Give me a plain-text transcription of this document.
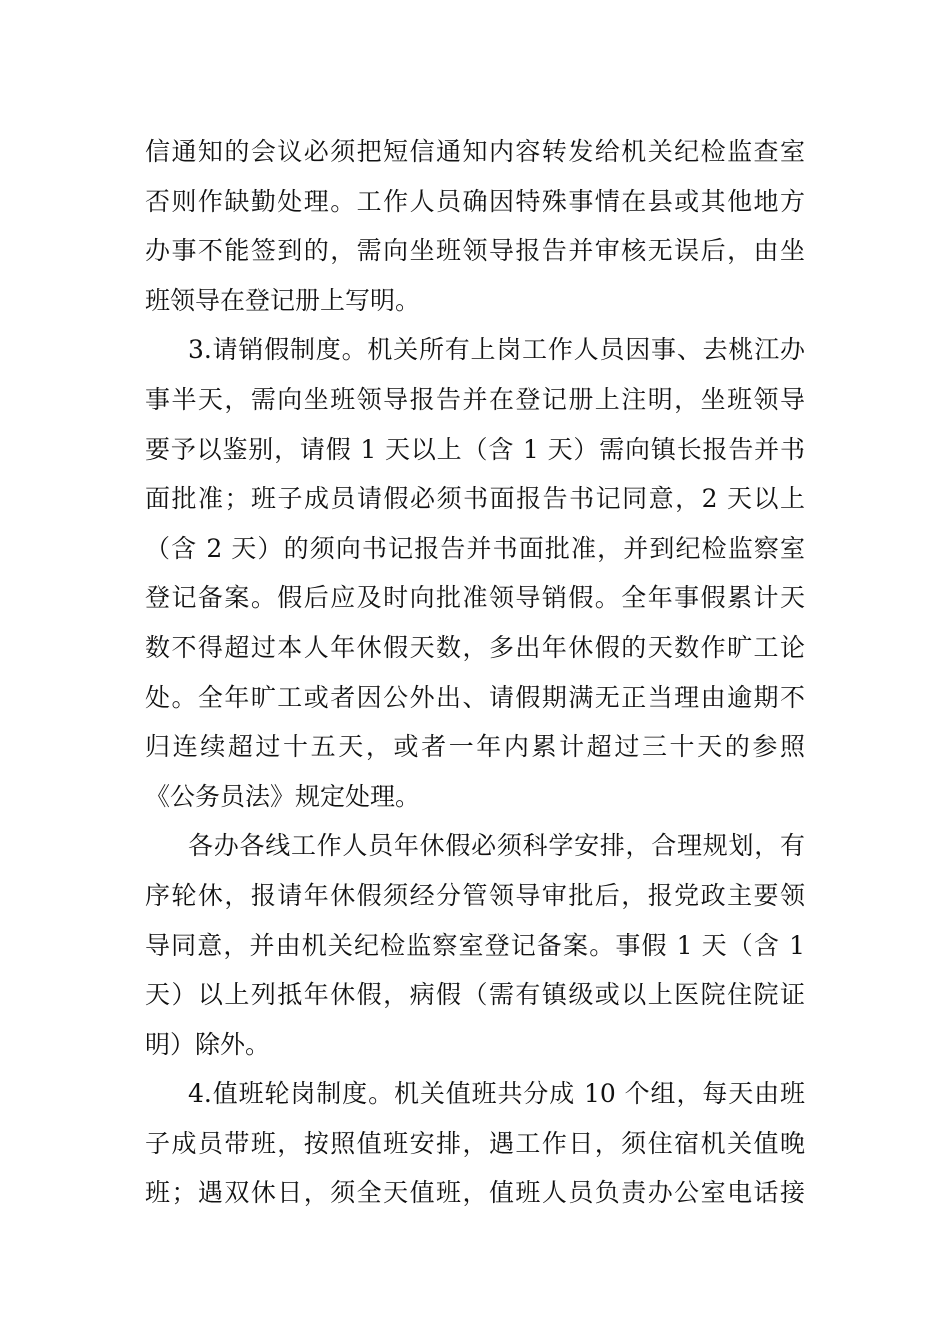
信通知的会议必须把短信通知内容转发给机关纪检监查室
否则作缺勤处理。工作人员确因特殊事情在县或其他地方
办事不能签到的，需向坐班领导报告并审核无误后，由坐
班领导在登记册上写明。
3.请销假制度。机关所有上岗工作人员因事、去桃江办
事半天，需向坐班领导报告并在登记册上注明，坐班领导
要予以鉴别，请假 1 天以上（含 1 天）需向镇长报告并书
面批准；班子成员请假必须书面报告书记同意，2 天以上
（含 2 天）的须向书记报告并书面批准，并到纪检监察室
登记备案。假后应及时向批准领导销假。全年事假累计天
数不得超过本人年休假天数，多出年休假的天数作旷工论
处。全年旷工或者因公外出、请假期满无正当理由逾期不
归连续超过十五天，或者一年内累计超过三十天的参照
《公务员法》规定处理。
各办各线工作人员年休假必须科学安排，合理规划，有
序轮休，报请年休假须经分管领导审批后，报党政主要领
导同意，并由机关纪检监察室登记备案。事假 1 天（含 1
天）以上列抵年休假，病假（需有镇级或以上医院住院证
明）除外。
4.值班轮岗制度。机关值班共分成 10 个组，每天由班
子成员带班，按照值班安排，遇工作日，须住宿机关值晚
班；遇双休日，须全天值班，值班人员负责办公室电话接
